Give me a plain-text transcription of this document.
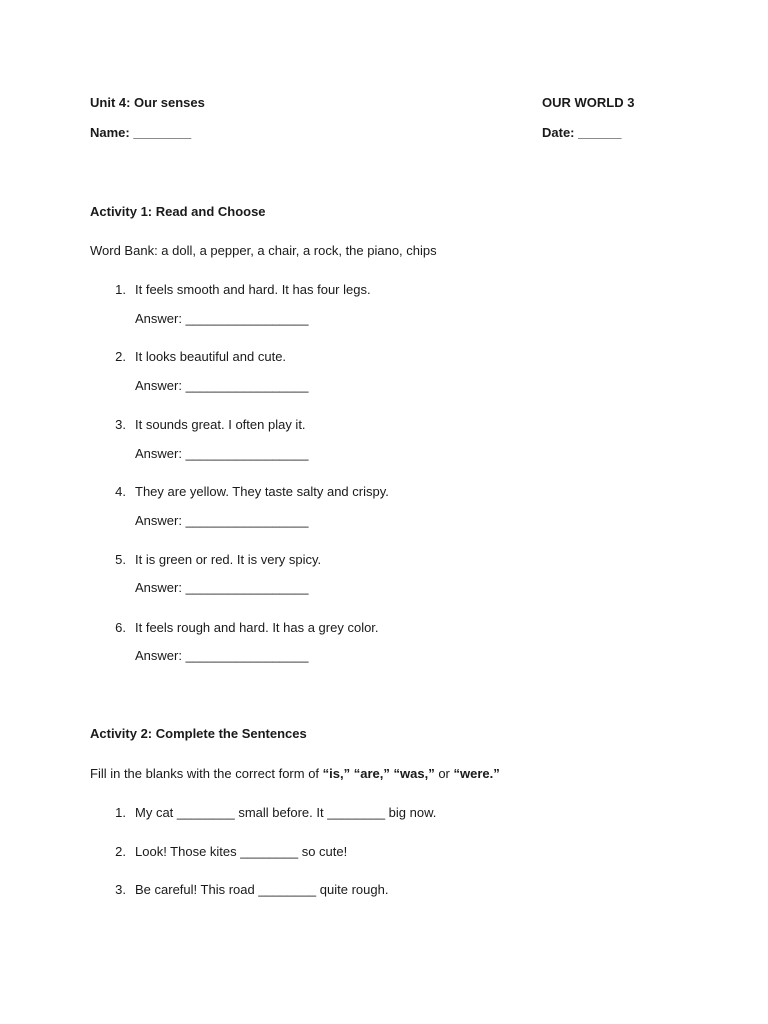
Unit 4: Our senses	OUR WORLD 3
Name: ________	Date: ______
Activity 1: Read and Choose
Word Bank: a doll, a pepper, a chair, a rock, the piano, chips
1. It feels smooth and hard. It has four legs.
Answer: _________________
2. It looks beautiful and cute.
Answer: _________________
3. It sounds great. I often play it.
Answer: _________________
4. They are yellow. They taste salty and crispy.
Answer: _________________
5. It is green or red. It is very spicy.
Answer: _________________
6. It feels rough and hard. It has a grey color.
Answer: _________________
Activity 2: Complete the Sentences
Fill in the blanks with the correct form of “is,” “are,” “was,” or “were.”
1. My cat ________ small before. It ________ big now.
2. Look! Those kites ________ so cute!
3. Be careful! This road ________ quite rough.
